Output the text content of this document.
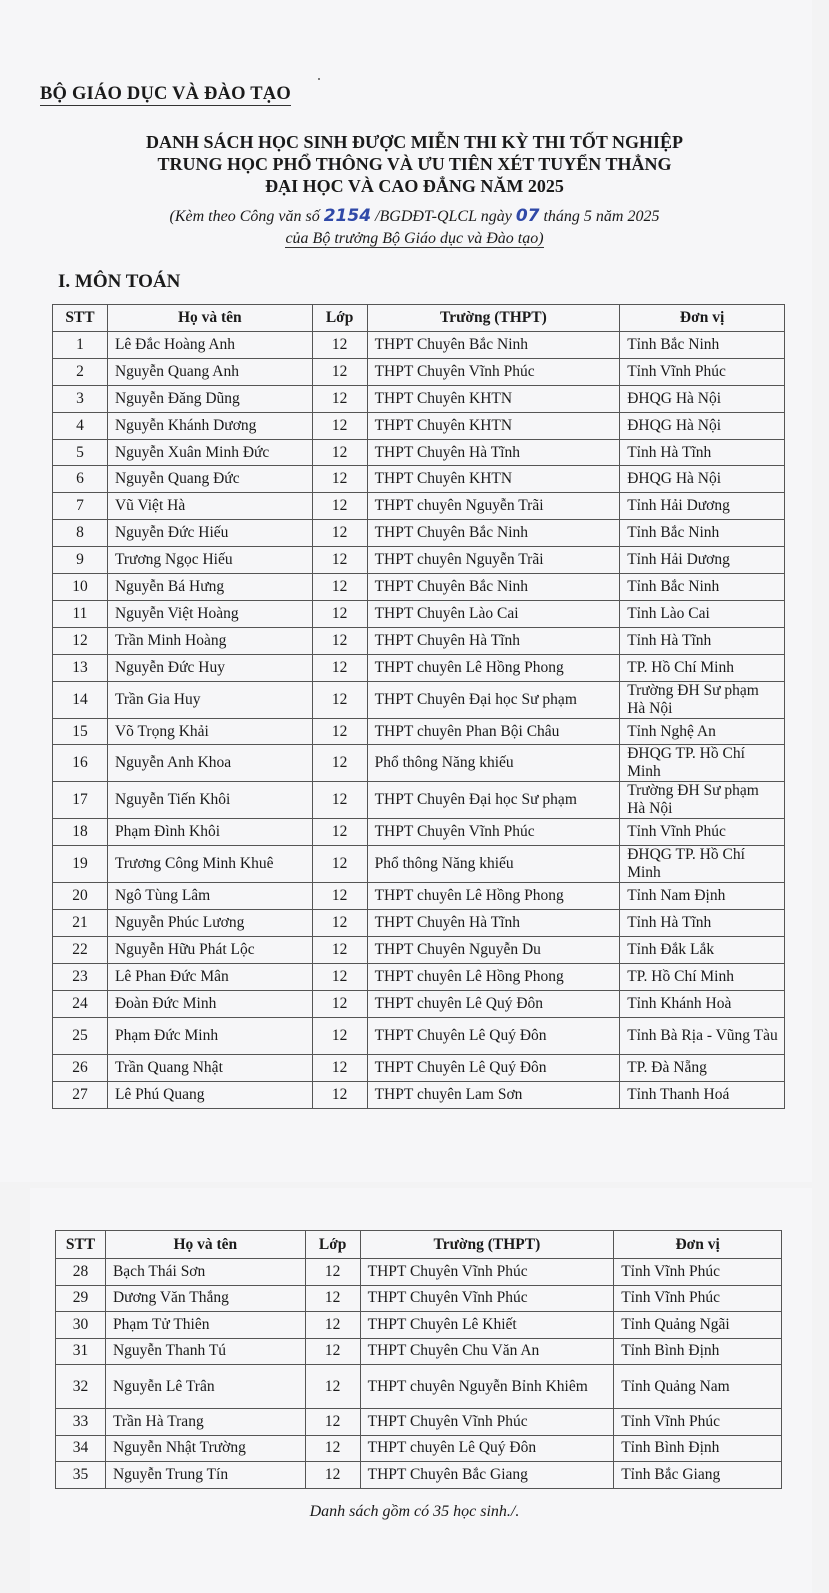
BỘ GIÁO DỤC VÀ ĐÀO TẠO
DANH SÁCH HỌC SINH ĐƯỢC MIỄN THI KỲ THI TỐT NGHIỆP
TRUNG HỌC PHỔ THÔNG VÀ ƯU TIÊN XÉT TUYỂN THẲNG
ĐẠI HỌC VÀ CAO ĐẲNG NĂM 2025
(Kèm theo Công văn số 2154 /BGDĐT-QLCL ngày 07 tháng 5 năm 2025
của Bộ trưởng Bộ Giáo dục và Đào tạo)
I. MÔN TOÁN
STT	Họ và tên	Lớp	Trường (THPT)	Đơn vị
1	Lê Đắc Hoàng Anh	12	THPT Chuyên Bắc Ninh	Tỉnh Bắc Ninh
2	Nguyễn Quang Anh	12	THPT Chuyên Vĩnh Phúc	Tỉnh Vĩnh Phúc
3	Nguyễn Đăng Dũng	12	THPT Chuyên KHTN	ĐHQG Hà Nội
4	Nguyễn Khánh Dương	12	THPT Chuyên KHTN	ĐHQG Hà Nội
5	Nguyễn Xuân Minh Đức	12	THPT Chuyên Hà Tĩnh	Tỉnh Hà Tĩnh
6	Nguyễn Quang Đức	12	THPT Chuyên KHTN	ĐHQG Hà Nội
7	Vũ Việt Hà	12	THPT chuyên Nguyễn Trãi	Tỉnh Hải Dương
8	Nguyễn Đức Hiếu	12	THPT Chuyên Bắc Ninh	Tỉnh Bắc Ninh
9	Trương Ngọc Hiếu	12	THPT chuyên Nguyễn Trãi	Tỉnh Hải Dương
10	Nguyễn Bá Hưng	12	THPT Chuyên Bắc Ninh	Tỉnh Bắc Ninh
11	Nguyễn Việt Hoàng	12	THPT Chuyên Lào Cai	Tỉnh Lào Cai
12	Trần Minh Hoàng	12	THPT Chuyên Hà Tĩnh	Tỉnh Hà Tĩnh
13	Nguyễn Đức Huy	12	THPT chuyên Lê Hồng Phong	TP. Hồ Chí Minh
14	Trần Gia Huy	12	THPT Chuyên Đại học Sư phạm	Trường ĐH Sư phạm Hà Nội
15	Võ Trọng Khải	12	THPT chuyên Phan Bội Châu	Tỉnh Nghệ An
16	Nguyễn Anh Khoa	12	Phổ thông Năng khiếu	ĐHQG TP. Hồ Chí Minh
17	Nguyễn Tiến Khôi	12	THPT Chuyên Đại học Sư phạm	Trường ĐH Sư phạm Hà Nội
18	Phạm Đình Khôi	12	THPT Chuyên Vĩnh Phúc	Tỉnh Vĩnh Phúc
19	Trương Công Minh Khuê	12	Phổ thông Năng khiếu	ĐHQG TP. Hồ Chí Minh
20	Ngô Tùng Lâm	12	THPT chuyên Lê Hồng Phong	Tỉnh Nam Định
21	Nguyễn Phúc Lương	12	THPT Chuyên Hà Tĩnh	Tỉnh Hà Tĩnh
22	Nguyễn Hữu Phát Lộc	12	THPT Chuyên Nguyễn Du	Tỉnh Đắk Lắk
23	Lê Phan Đức Mân	12	THPT chuyên Lê Hồng Phong	TP. Hồ Chí Minh
24	Đoàn Đức Minh	12	THPT chuyên Lê Quý Đôn	Tỉnh Khánh Hoà
25	Phạm Đức Minh	12	THPT Chuyên Lê Quý Đôn	Tỉnh Bà Rịa - Vũng Tàu
26	Trần Quang Nhật	12	THPT Chuyên Lê Quý Đôn	TP. Đà Nẵng
27	Lê Phú Quang	12	THPT chuyên Lam Sơn	Tỉnh Thanh Hoá
STT	Họ và tên	Lớp	Trường (THPT)	Đơn vị
28	Bạch Thái Sơn	12	THPT Chuyên Vĩnh Phúc	Tỉnh Vĩnh Phúc
29	Dương Văn Thắng	12	THPT Chuyên Vĩnh Phúc	Tỉnh Vĩnh Phúc
30	Phạm Tử Thiên	12	THPT Chuyên Lê Khiết	Tỉnh Quảng Ngãi
31	Nguyễn Thanh Tú	12	THPT Chuyên Chu Văn An	Tỉnh Bình Định
32	Nguyễn Lê Trân	12	THPT chuyên Nguyễn Bỉnh Khiêm	Tỉnh Quảng Nam
33	Trần Hà Trang	12	THPT Chuyên Vĩnh Phúc	Tỉnh Vĩnh Phúc
34	Nguyễn Nhật Trường	12	THPT chuyên Lê Quý Đôn	Tỉnh Bình Định
35	Nguyễn Trung Tín	12	THPT Chuyên Bắc Giang	Tỉnh Bắc Giang
Danh sách gồm có 35 học sinh./.
